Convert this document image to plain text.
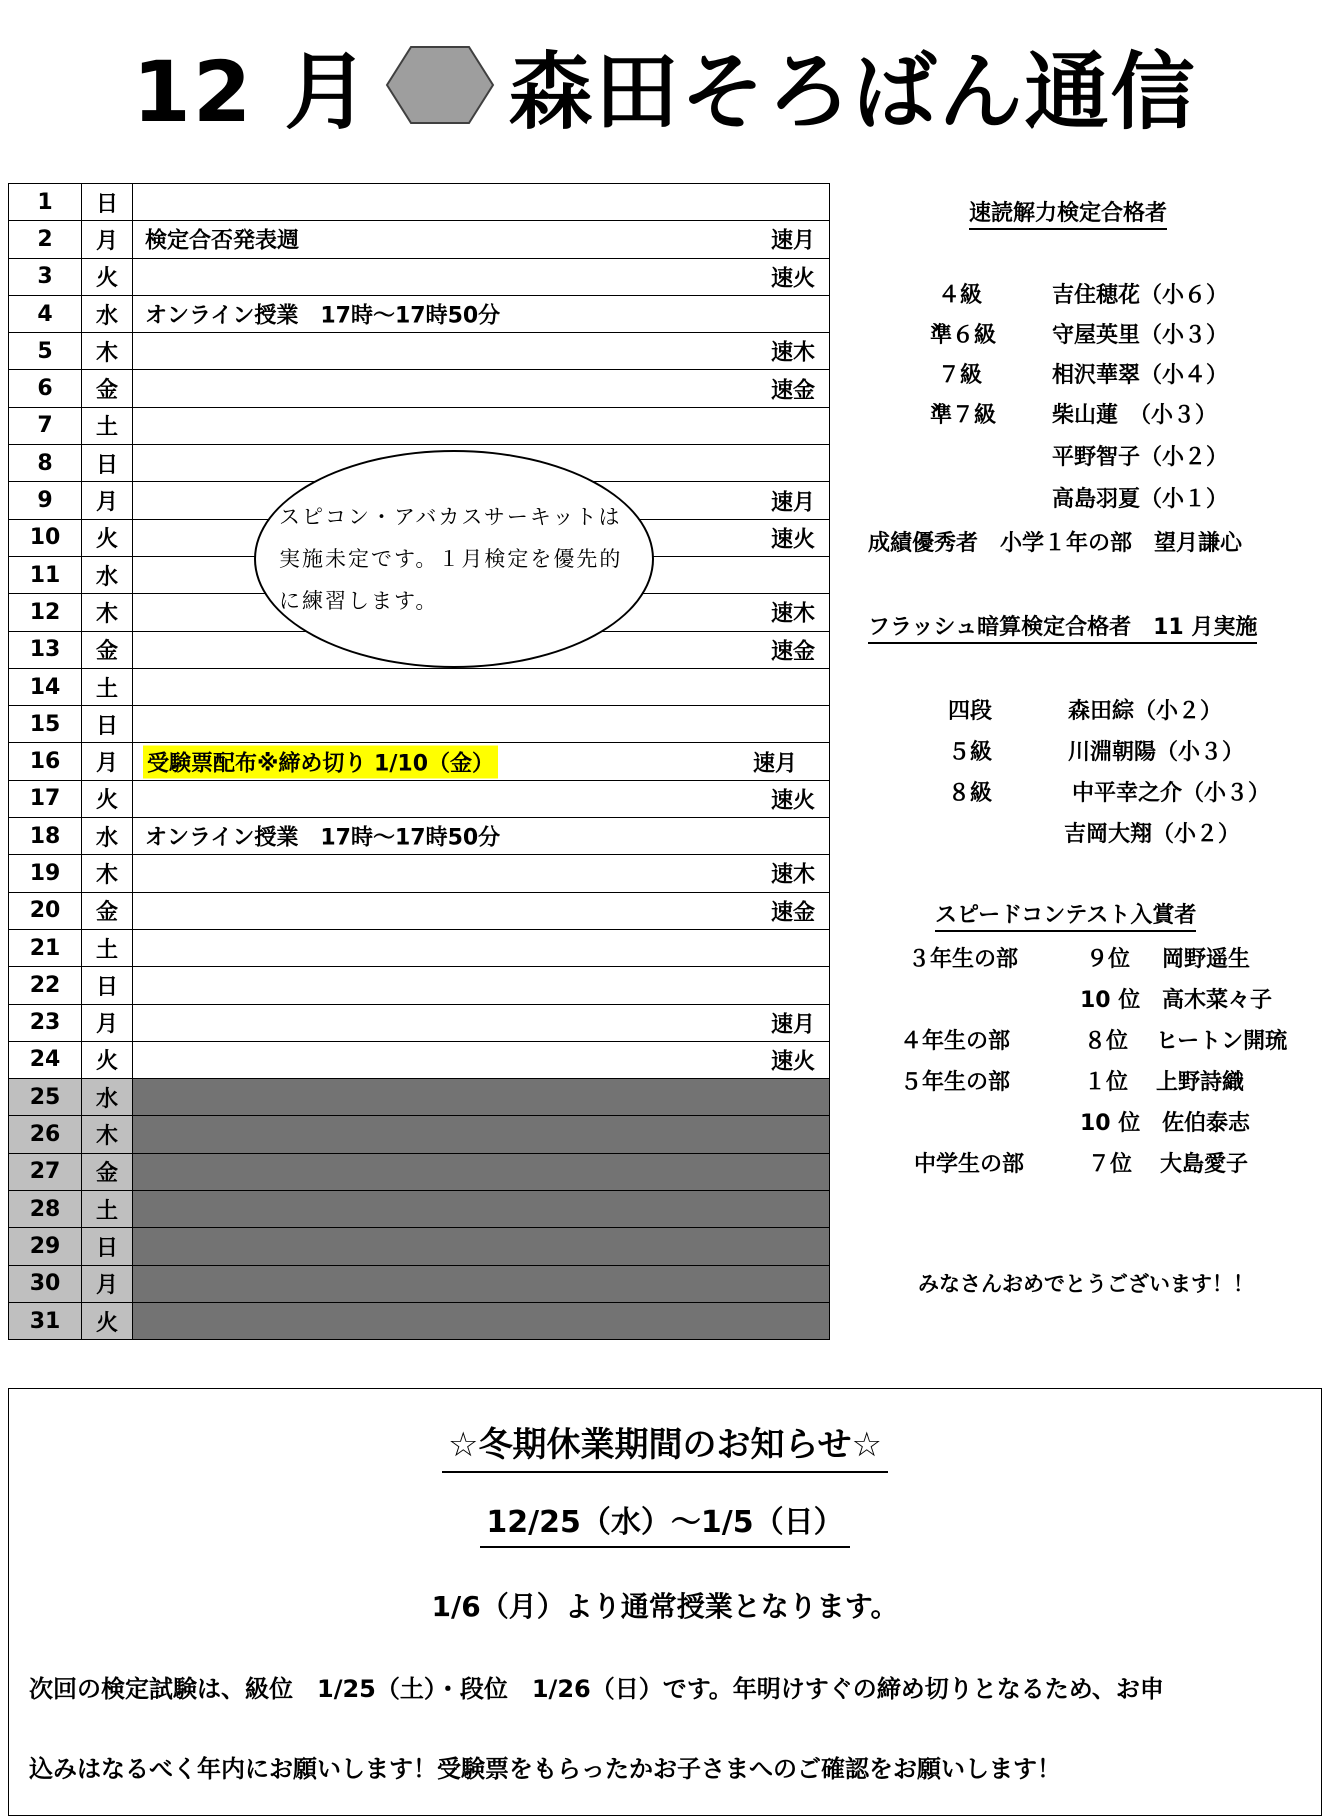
12 月 森田そろばん通信
1	日	
2	月	検定合否発表週 速月

3	火	速火

4	水	オンライン授業　17時～17時50分

5	木	速木

6	金	速金

7	土	
8	日	
9	月	速月

10	火	速火

11	水	
12	木	速木

13	金	速金

14	土	
15	日	
16	月	受験票配布※締め切り 1/10（金） 速月

17	火	速火

18	水	オンライン授業　17時～17時50分

19	木	速木

20	金	速金

21	土	
22	日	
23	月	速月

24	火	速火

25	水	
26	木	
27	金	
28	土	
29	日	
30	月	
31	火	

スピコン・アバカスサーキットは実施未定です。１月検定を優先的に練習します。

速読解力検定合格者
４級	吉住穂花（小６）
準６級	守屋英里（小３）
７級	相沢華翠（小４）
準７級	柴山蓮　（小３）
平野智子（小２）
高島羽夏（小１）
成績優秀者　小学１年の部　望月謙心
フラッシュ暗算検定合格者　11 月実施
四段	森田綜（小２）
５級	川淵朝陽（小３）
８級	中平幸之介（小３）
吉岡大翔（小２）
スピードコンテスト入賞者
３年生の部	９位 岡野遥生
10 位 高木菜々子
４年生の部	８位 ヒートン開琉
５年生の部	１位 上野詩織
10 位 佐伯泰志
中学生の部	７位 大島愛子
みなさんおめでとうございます！！
☆冬期休業期間のお知らせ☆
12/25（水）～1/5（日）
1/6（月）より通常授業となります。
次回の検定試験は、級位　1/25（土）・段位　1/26（日）です。年明けすぐの締め切りとなるため、お申
込みはなるべく年内にお願いします！受験票をもらったかお子さまへのご確認をお願いします！
